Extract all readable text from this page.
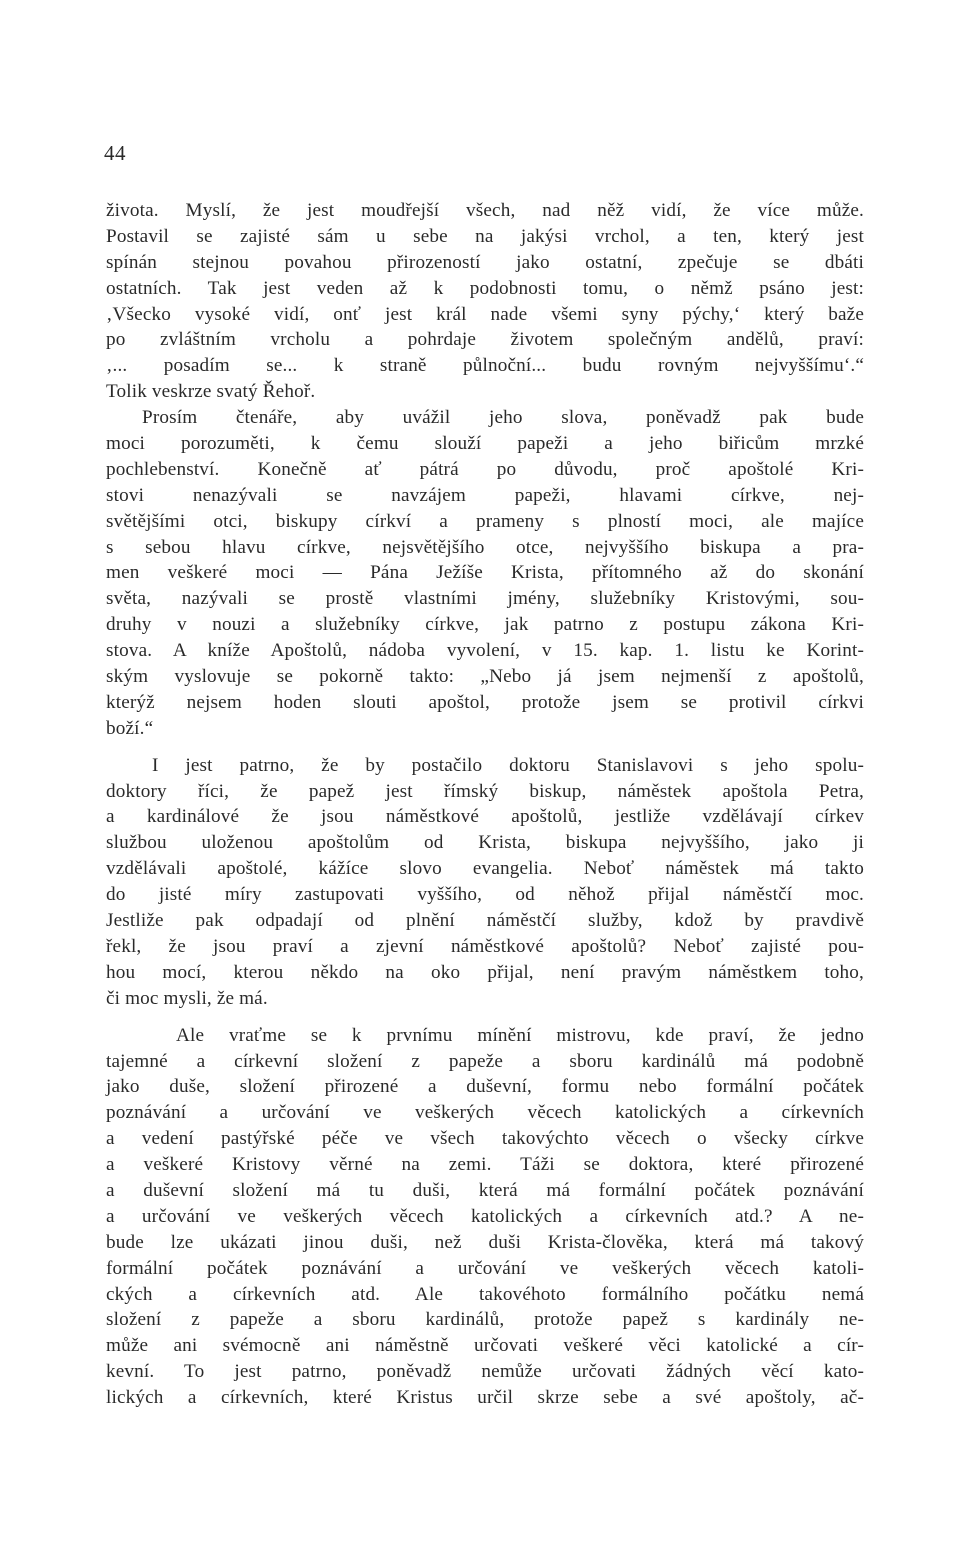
44
života. Myslí, že jest moudřejší všech, nad něž vidí, že více může.
Postavil se zajisté sám u sebe na jakýsi vrchol, a ten, který jest
spínán stejnou povahou přirozeností jako ostatní, zpečuje se dbáti
ostatních. Tak jest veden až k podobnosti tomu, o němž psáno jest:
‚Všecko vysoké vidí, onť jest král nade všemi syny pýchy,‘ který baže
po zvláštním vrcholu a pohrdaje životem společným andělů, praví:
‚... posadím se... k straně půlnoční... budu rovným nejvyššímu‘.“
Tolik veskrze svatý Řehoř.
Prosím čtenáře, aby uvážil jeho slova, poněvadž pak bude
moci porozuměti, k čemu slouží papeži a jeho biřicům mrzké
pochlebenství. Konečně ať pátrá po důvodu, proč apoštolé Kri-
stovi nenazývali se navzájem papeži, hlavami církve, nej-
světějšími otci, biskupy církví a prameny s plností moci, ale majíce
s sebou hlavu církve, nejsvětějšího otce, nejvyššího biskupa a pra-
men veškeré moci — Pána Ježíše Krista, přítomného až do skonání
světa, nazývali se prostě vlastními jmény, služebníky Kristovými, sou-
druhy v nouzi a služebníky církve, jak patrno z postupu zákona Kri-
stova. A kníže Apoštolů, nádoba vyvolení, v 15. kap. 1. listu ke Korint-
ským vyslovuje se pokorně takto: „Nebo já jsem nejmenší z apoštolů,
kterýž nejsem hoden slouti apoštol, protože jsem se protivil církvi
boží.“
I jest patrno, že by postačilo doktoru Stanislavovi s jeho spolu-
doktory říci, že papež jest římský biskup, náměstek apoštola Petra,
a kardinálové že jsou náměstkové apoštolů, jestliže vzdělávají církev
službou uloženou apoštolům od Krista, biskupa nejvyššího, jako ji
vzdělávali apoštolé, kážíce slovo evangelia. Neboť náměstek má takto
do jisté míry zastupovati vyššího, od něhož přijal náměstčí moc.
Jestliže pak odpadají od plnění náměstčí služby, kdož by pravdivě
řekl, že jsou praví a zjevní náměstkové apoštolů? Neboť zajisté pou-
hou mocí, kterou někdo na oko přijal, není pravým náměstkem toho,
či moc mysli, že má.
Ale vraťme se k prvnímu mínění mistrovu, kde praví, že jedno
tajemné a církevní složení z papeže a sboru kardinálů má podobně
jako duše, složení přirozené a duševní, formu nebo formální počátek
poznávání a určování ve veškerých věcech katolických a církevních
a vedení pastýřské péče ve všech takovýchto věcech o všecky církve
a veškeré Kristovy věrné na zemi. Táži se doktora, které přirozené
a duševní složení má tu duši, která má formální počátek poznávání
a určování ve veškerých věcech katolických a církevních atd.? A ne-
bude lze ukázati jinou duši, než duši Krista-člověka, která má takový
formální počátek poznávání a určování ve veškerých věcech katoli-
ckých a církevních atd. Ale takovéhoto formálního počátku nemá
složení z papeže a sboru kardinálů, protože papež s kardinály ne-
může ani svémocně ani náměstně určovati veškeré věci katolické a cír-
kevní. To jest patrno, poněvadž nemůže určovati žádných věcí kato-
lických a církevních, které Kristus určil skrze sebe a své apoštoly, ač-
